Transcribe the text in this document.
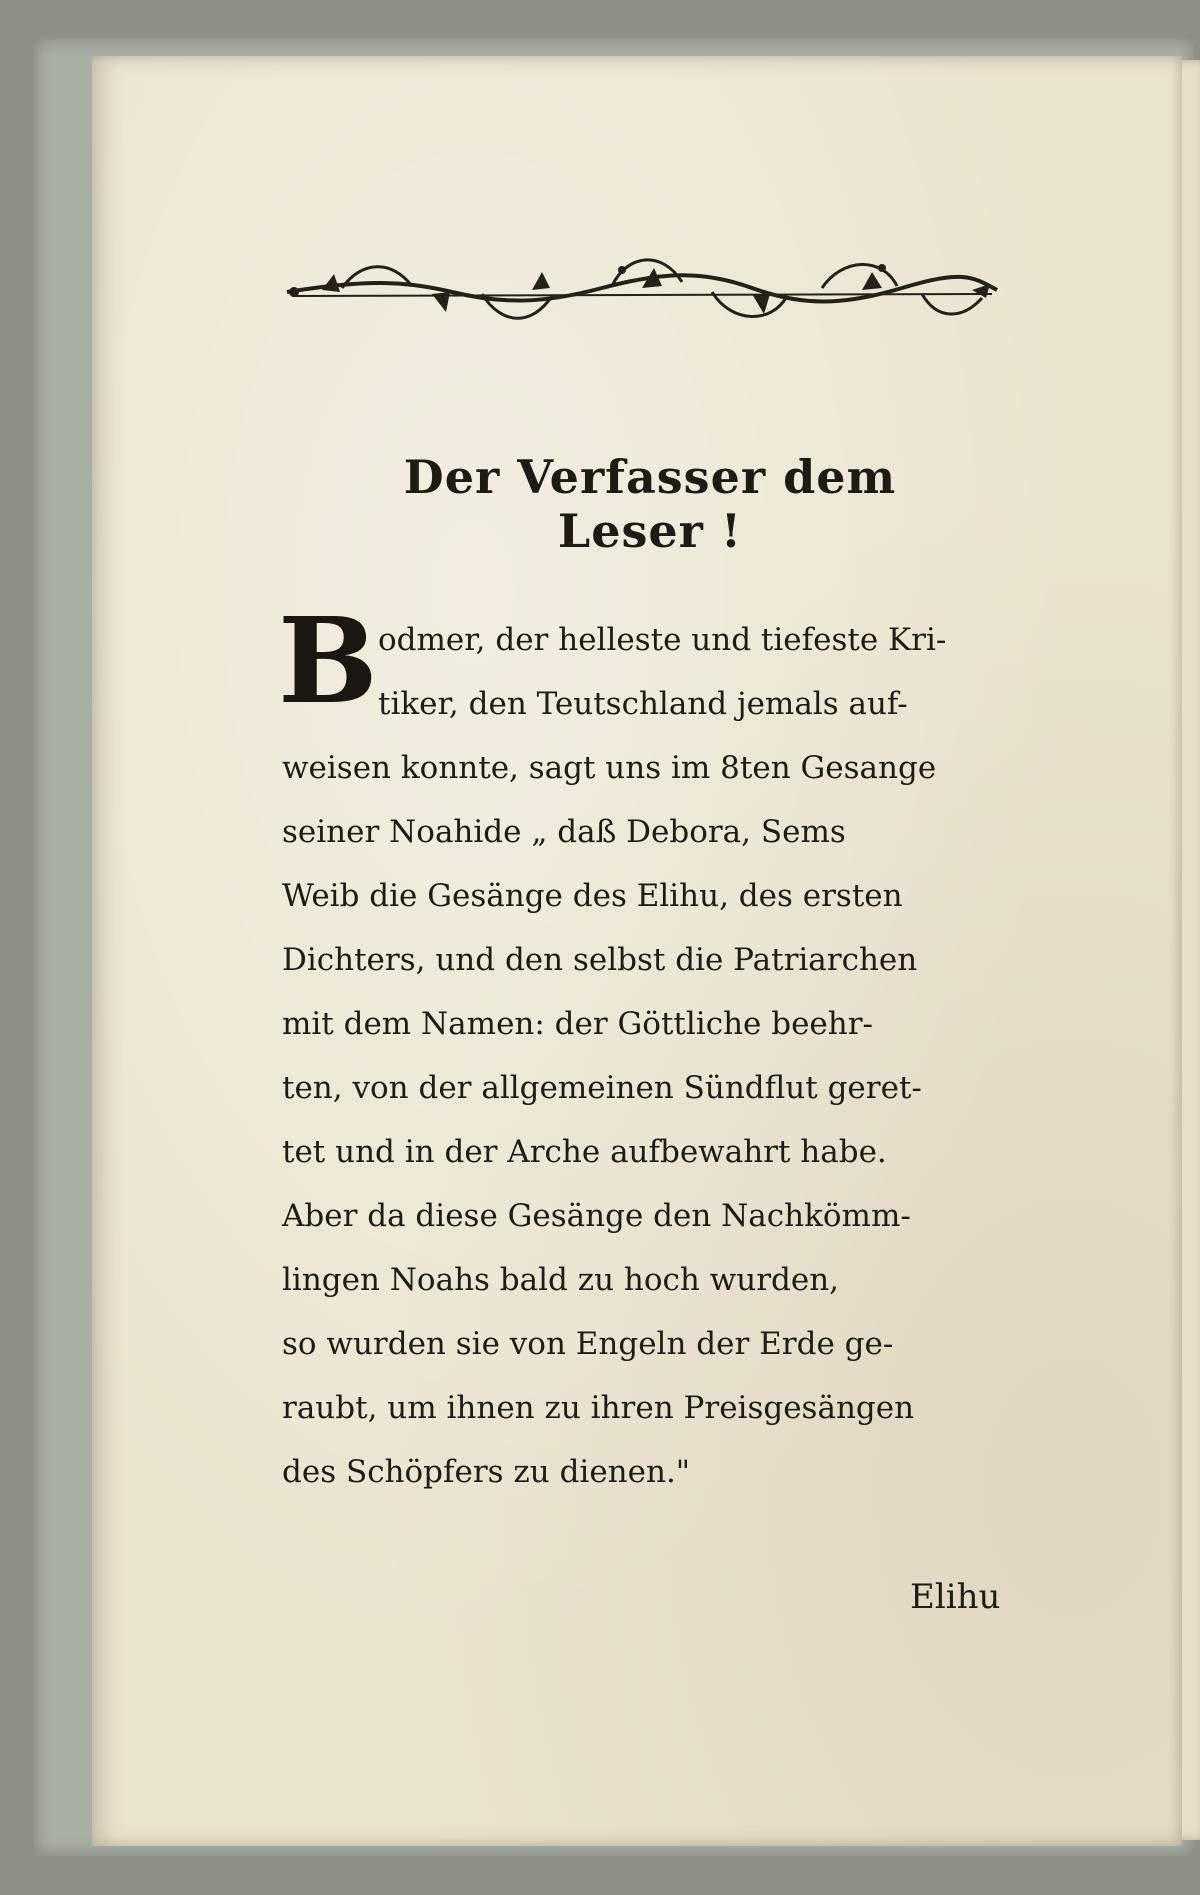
Der Verfasser dem Leser !
B odmer, der helleste und tiefeste Kri-
tiker, den Teutschland jemals auf-
weisen konnte, sagt uns im 8ten Gesange
seiner Noahide „ daß Debora, Sems
Weib die Gesänge des Elihu, des ersten
Dichters, und den selbst die Patriarchen
mit dem Namen: der Göttliche beehr-
ten, von der allgemeinen Sündflut geret-
tet und in der Arche aufbewahrt habe.
Aber da diese Gesänge den Nachkömm-
lingen Noahs bald zu hoch wurden,
so wurden sie von Engeln der Erde ge-
raubt, um ihnen zu ihren Preisgesängen
des Schöpfers zu dienen."
Elihu
